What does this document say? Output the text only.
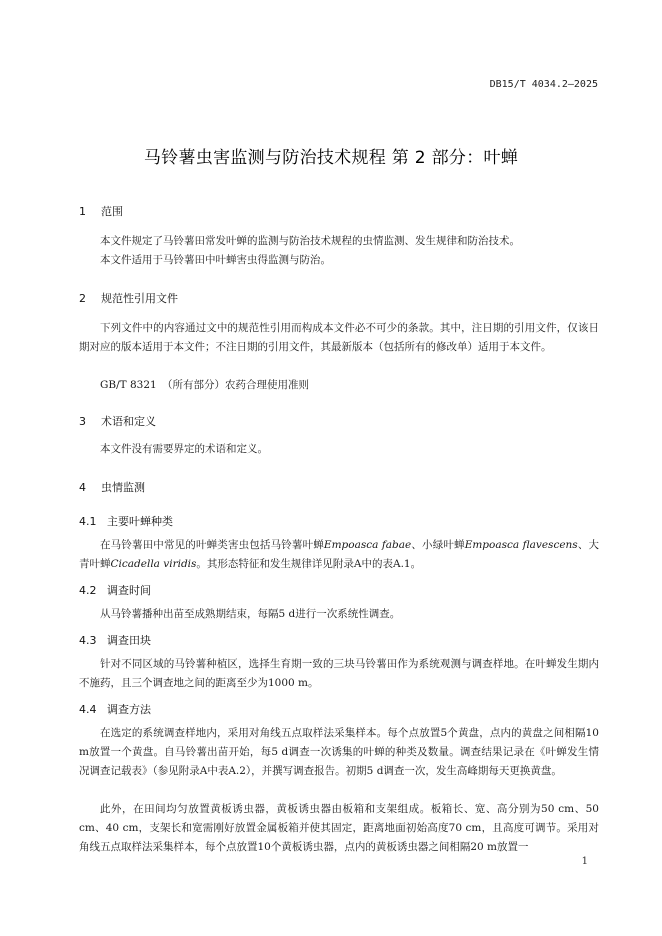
DB15/T 4034.2—2025
马铃薯虫害监测与防治技术规程 第 2 部分：叶蝉
1 范围

本文件规定了马铃薯田常发叶蝉的监测与防治技术规程的虫情监测、发生规律和防治技术。

本文件适用于马铃薯田中叶蝉害虫得监测与防治。

2 规范性引用文件

下列文件中的内容通过文中的规范性引用而构成本文件必不可少的条款。其中，注日期的引用文件，仅该日期对应的版本适用于本文件；不注日期的引用文件，其最新版本（包括所有的修改单）适用于本文件。

GB/T 8321　（所有部分）农药合理使用准则

3 术语和定义

本文件没有需要界定的术语和定义。

4 虫情监测
4.1 主要叶蝉种类

在马铃薯田中常见的叶蝉类害虫包括马铃薯叶蝉Empoasca fabae、小绿叶蝉Empoasca flavescens、大青叶蝉Cicadella viridis。其形态特征和发生规律详见附录A中的表A.1。

4.2 调查时间

从马铃薯播种出苗至成熟期结束，每隔5 d进行一次系统性调查。

4.3 调查田块

针对不同区域的马铃薯种植区，选择生育期一致的三块马铃薯田作为系统观测与调查样地。在叶蝉发生期内不施药，且三个调查地之间的距离至少为1000 m。

4.4 调查方法

在选定的系统调查样地内，采用对角线五点取样法采集样本。每个点放置5个黄盘，点内的黄盘之间相隔10 m放置一个黄盘。自马铃薯出苗开始，每5 d调查一次诱集的叶蝉的种类及数量。调查结果记录在《叶蝉发生情况调查记载表》（参见附录A中表A.2），并撰写调查报告。初期5 d调查一次，发生高峰期每天更换黄盘。

此外，在田间均匀放置黄板诱虫器，黄板诱虫器由板箱和支架组成。板箱长、宽、高分别为50 cm、50 cm、40 cm，支架长和宽需刚好放置金属板箱并使其固定，距离地面初始高度70 cm，且高度可调节。采用对角线五点取样法采集样本，每个点放置10个黄板诱虫器，点内的黄板诱虫器之间相隔20 m放置一

1
